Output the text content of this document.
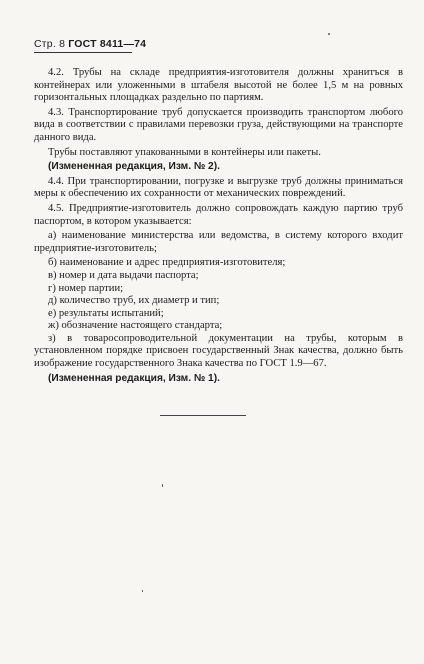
Стр. 8 ГОСТ 8411—74

4.2. Трубы на складе предприятия-изготовителя должны хранитъся в контейнерах или уложенными в штабеля высотой не более 1,5 м на ровных горизонтальных площадках раздельно по партиям.

4.3. Транспортирование труб допускается производить транспортом любого вида в соответствии с правилами перевозки груза, действующими на транспорте данного вида.

Трубы поставляют упакованными в контейнеры или пакеты.

(Измененная редакция, Изм. № 2).

4.4. При транспортировании, погрузке и выгрузке труб должны приниматься меры к обеспечению их сохранности от механических повреждений.

4.5. Предприятие-изготовитель должно сопровождать каждую партию труб паспортом, в котором указывается:

а) наименование министерства или ведомства, в систему которого входит предприятие-изготовитель;

б) наименование и адрес предприятия-изготовителя;

в) номер и дата выдачи паспорта;

г) номер партии;

д) количество труб, их диаметр и тип;

е) результаты испытаний;

ж) обозначение настоящего стандарта;

з) в товаросопроводительной документации на трубы, которым в установленном порядке присвоен государственный Знак качества, должно быть изображение государственного Знака качества по ГОСТ 1.9—67.

(Измененная редакция, Изм. № 1).
